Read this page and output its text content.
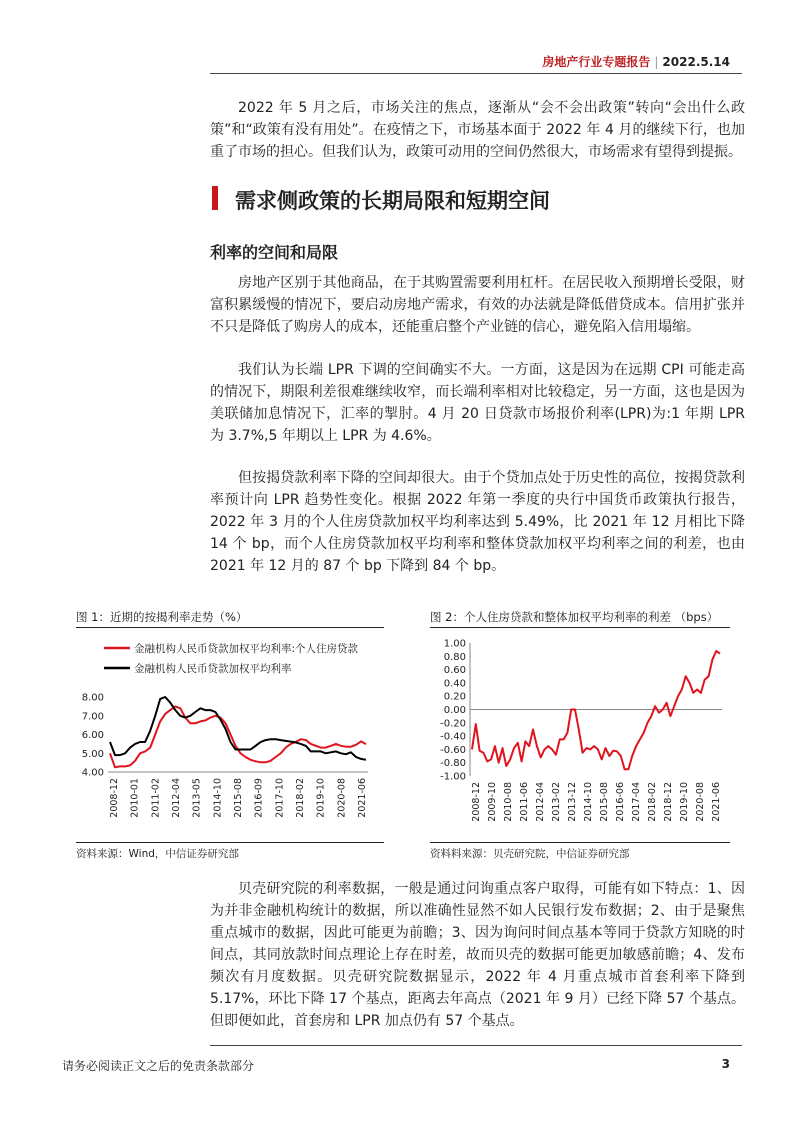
房地产行业专题报告 | 2022.5.14

2022 年 5 月之后，市场关注的焦点，逐渐从“会不会出政策”转向“会出什么政策”和“政策有没有用处”。在疫情之下，市场基本面于 2022 年 4 月的继续下行，也加重了市场的担心。但我们认为，政策可动用的空间仍然很大，市场需求有望得到提振。

需求侧政策的长期局限和短期空间
利率的空间和局限

房地产区别于其他商品，在于其购置需要利用杠杆。在居民收入预期增长受限，财富积累缓慢的情况下，要启动房地产需求，有效的办法就是降低借贷成本。信用扩张并不只是降低了购房人的成本，还能重启整个产业链的信心，避免陷入信用塌缩。

我们认为长端 LPR 下调的空间确实不大。一方面，这是因为在远期 CPI 可能走高的情况下，期限利差很难继续收窄，而长端利率相对比较稳定，另一方面，这也是因为美联储加息情况下，汇率的掣肘。4 月 20 日贷款市场报价利率(LPR)为:1 年期 LPR 为 3.7%,5 年期以上 LPR 为 4.6%。

但按揭贷款利率下降的空间却很大。由于个贷加点处于历史性的高位，按揭贷款利率预计向 LPR 趋势性变化。根据 2022 年第一季度的央行中国货币政策执行报告，2022 年 3 月的个人住房贷款加权平均利率达到 5.49%，比 2021 年 12 月相比下降 14 个 bp，而个人住房贷款加权平均利率和整体贷款加权平均利率之间的利差，也由 2021 年 12 月的 87 个 bp 下降到 84 个 bp。

图 1：近期的按揭利率走势（%）
金融机构人民币贷款加权平均利率:个人住房贷款
金融机构人民币贷款加权平均利率
8.00
7.00
6.00
5.00
4.00
2008-12 2010-01 2011-02 2012-04 2013-05 2014-10 2015-08 2016-09 2017-10 2018-02 2019-10 2020-08 2021-06
资料来源：Wind，中信证券研究部
图 2：个人住房贷款和整体加权平均利率的利差 （bps）
1.00
0.80
0.60
0.40
0.20
0.00
-0.20
-0.40
-0.60
-0.80
-1.00
2008-12 2009-10 2010-08 2011-06 2012-04 2013-02 2013-12 2014-10 2015-08 2016-06 2017-04 2018-02 2018-12 2019-10 2020-08 2021-06
资料料来源：贝壳研究院，中信证券研究部

贝壳研究院的利率数据，一般是通过问询重点客户取得，可能有如下特点：1、因为并非金融机构统计的数据，所以准确性显然不如人民银行发布数据；2、由于是聚焦重点城市的数据，因此可能更为前瞻；3、因为询问时间点基本等同于贷款方知晓的时间点，其同放款时间点理论上存在时差，故而贝壳的数据可能更加敏感前瞻；4、发布频次有月度数据。贝壳研究院数据显示，2022 年 4 月重点城市首套利率下降到 5.17%，环比下降 17 个基点，距离去年高点（2021 年 9 月）已经下降 57 个基点。但即便如此，首套房和 LPR 加点仍有 57 个基点。

请务必阅读正文之后的免责条款部分	3
